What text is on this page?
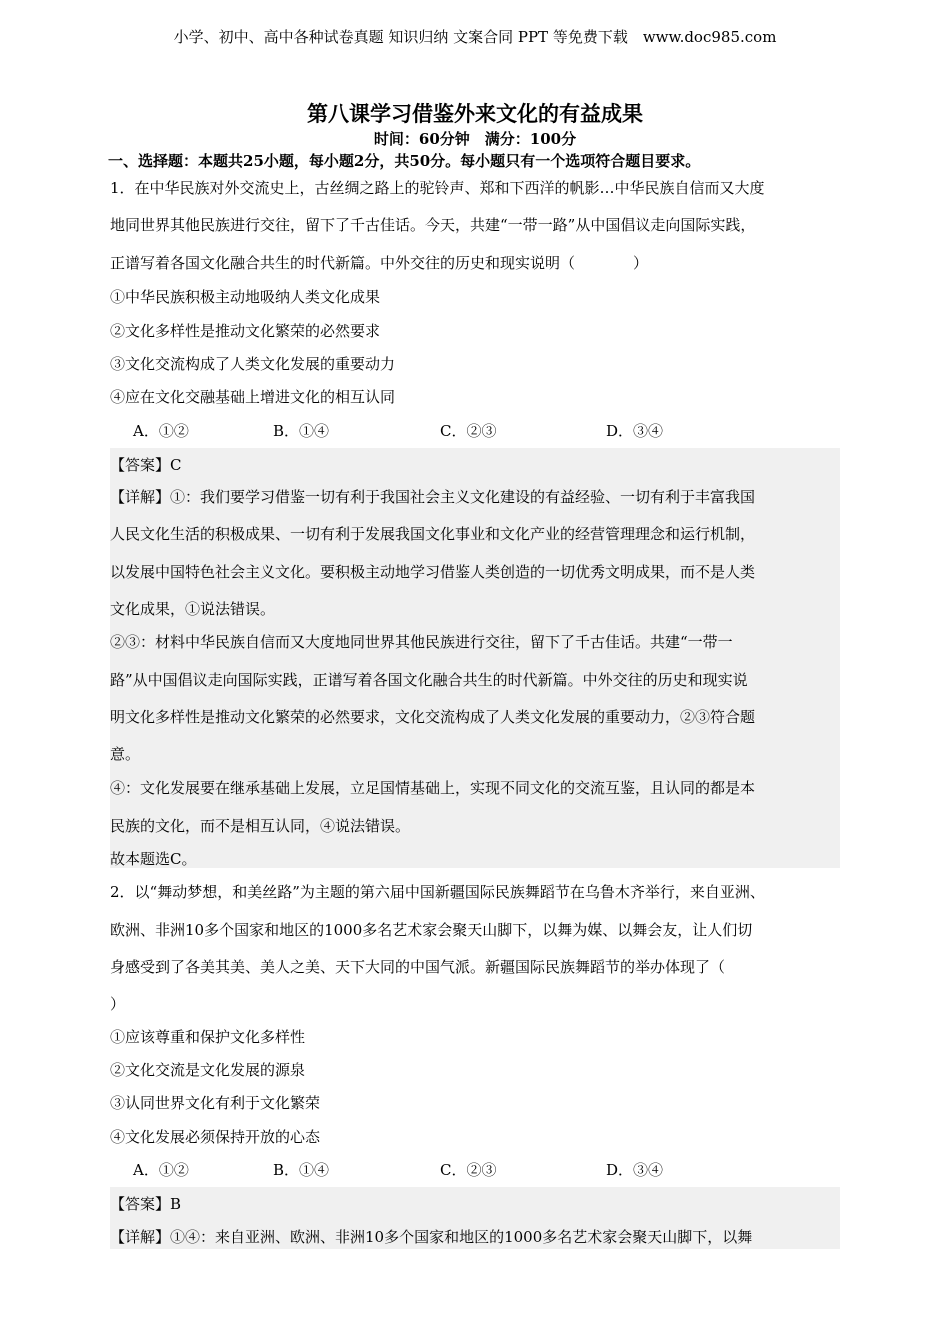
小学、初中、高中各种试卷真题 知识归纳 文案合同 PPT 等免费下载　www.doc985.com
第八课学习借鉴外来文化的有益成果
时间：60分钟　满分：100分
一、选择题：本题共25小题，每小题2分，共50分。每小题只有一个选项符合题目要求。
1．在中华民族对外交流史上，古丝绸之路上的驼铃声、郑和下西洋的帆影…中华民族自信而又大度
地同世界其他民族进行交往，留下了千古佳话。今天，共建“一带一路”从中国倡议走向国际实践，
正谱写着各国文化融合共生的时代新篇。中外交往的历史和现实说明（	）
①中华民族积极主动地吸纳人类文化成果
②文化多样性是推动文化繁荣的必然要求
③文化交流构成了人类文化发展的重要动力
④应在文化交融基础上增进文化的相互认同
A．①②	B．①④	C．②③	D．③④
【答案】C
【详解】①：我们要学习借鉴一切有利于我国社会主义文化建设的有益经验、一切有利于丰富我国
人民文化生活的积极成果、一切有利于发展我国文化事业和文化产业的经营管理理念和运行机制，
以发展中国特色社会主义文化。要积极主动地学习借鉴人类创造的一切优秀文明成果，而不是人类
文化成果，①说法错误。
②③：材料中华民族自信而又大度地同世界其他民族进行交往，留下了千古佳话。共建“一带一
路”从中国倡议走向国际实践，正谱写着各国文化融合共生的时代新篇。中外交往的历史和现实说
明文化多样性是推动文化繁荣的必然要求，文化交流构成了人类文化发展的重要动力，②③符合题
意。
④：文化发展要在继承基础上发展，立足国情基础上，实现不同文化的交流互鉴，且认同的都是本
民族的文化，而不是相互认同，④说法错误。
故本题选C。
2．以“舞动梦想，和美丝路”为主题的第六届中国新疆国际民族舞蹈节在乌鲁木齐举行，来自亚洲、
欧洲、非洲10多个国家和地区的1000多名艺术家会聚天山脚下，以舞为媒、以舞会友，让人们切
身感受到了各美其美、美人之美、天下大同的中国气派。新疆国际民族舞蹈节的举办体现了（
）
①应该尊重和保护文化多样性
②文化交流是文化发展的源泉
③认同世界文化有利于文化繁荣
④文化发展必须保持开放的心态
A．①②	B．①④	C．②③	D．③④
【答案】B
【详解】①④：来自亚洲、欧洲、非洲10多个国家和地区的1000多名艺术家会聚天山脚下，以舞
